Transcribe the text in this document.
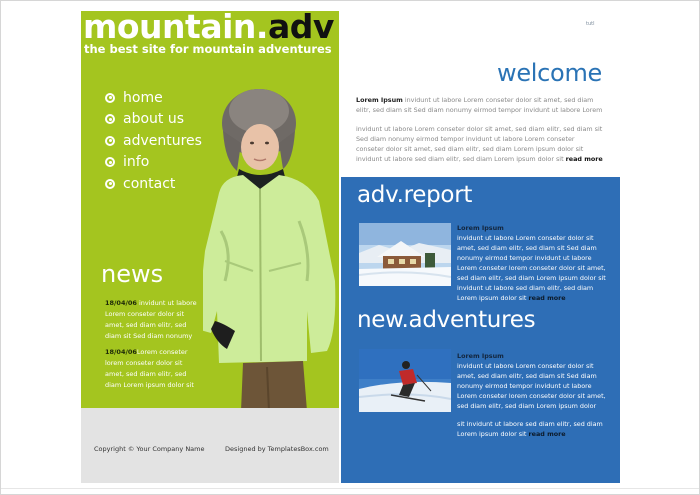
mountain.adv
the best site for mountain adventures
home
about us
adventures
info
contact
news
18/04/06 invidunt ut labore Lorem conseter dolor sit amet, sed diam elitr, sed diam sit Sed diam nonumy
18/04/06Lorem conseter lorem conseter dolor sit amet, sed diam elitr, sed diam Lorem ipsum dolor sit
Copyright © Your Company Name	Designed by TemplatesBox.com
tutl
welcome
Lorem Ipsum invidunt ut labore Lorem conseter dolor sit amet, sed diam elitr, sed diam sit Sed diam nonumy eirmod tempor invidunt ut labore Lorem
invidunt ut labore Lorem conseter dolor sit amet, sed diam elitr, sed diam sit Sed diam nonumy eirmod tempor invidunt ut labore Lorem conseter conseter dolor sit amet, sed diam elitr, sed diam Lorem ipsum dolor sit invidunt ut labore sed diam elitr, sed diam Lorem ipsum dolor sit read more
adv.report
Lorem Ipsum
invidunt ut labore Lorem conseter dolor sit amet, sed diam elitr, sed diam sit Sed diam nonumy eirmod tempor invidunt ut labore Lorem conseter lorem conseter dolor sit amet, sed diam elitr, sed diam Lorem ipsum dolor sit invidunt ut labore sed diam elitr, sed diam Lorem ipsum dolor sit read more
new.adventures
Lorem Ipsum
invidunt ut labore Lorem conseter dolor sit amet, sed diam elitr, sed diam sit Sed diam nonumy eirmod tempor invidunt ut labore Lorem conseter lorem conseter dolor sit amet, sed diam elitr, sed diam Lorem ipsum dolor
sit invidunt ut labore sed diam elitr, sed diam Lorem ipsum dolor sit read more
